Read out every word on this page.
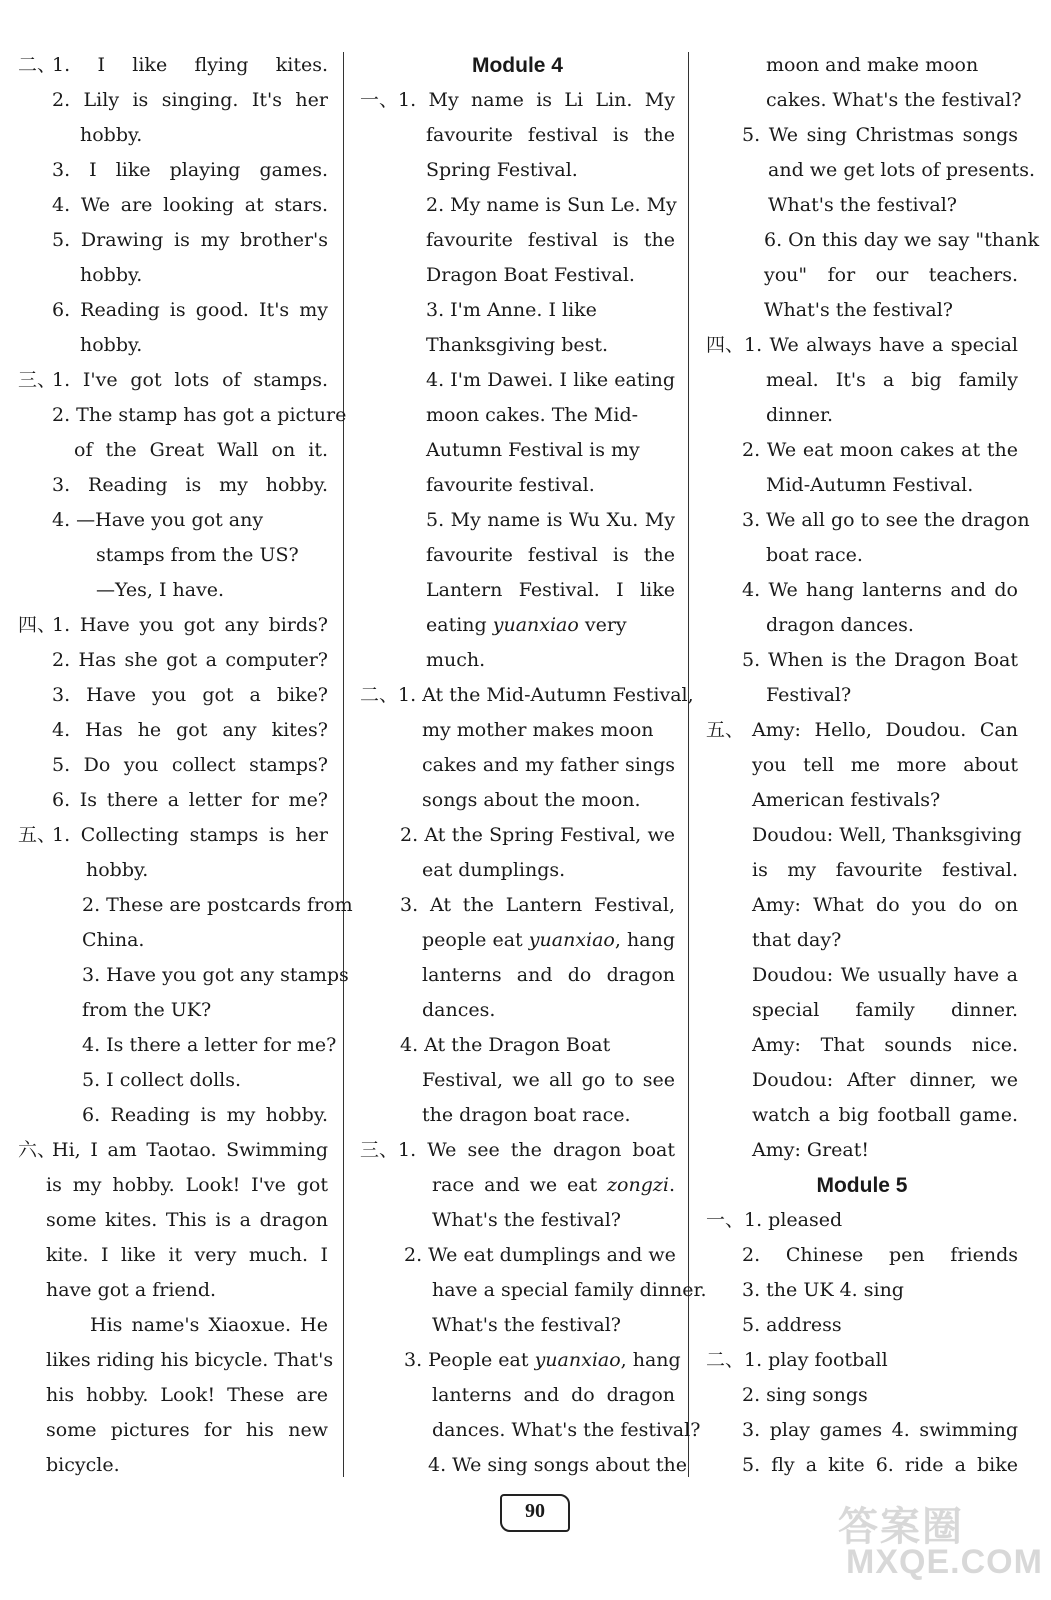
二、
1. I like flying kites.
2. Lily is singing. It's her
hobby.
3. I like playing games.
4. We are looking at stars.
5. Drawing is my brother's
hobby.
6. Reading is good. It's my
hobby.
三、
1. I've got lots of stamps.
2. The stamp has got a picture
of the Great Wall on it.
3. Reading is my hobby.
4. —Have you got any
stamps from the US?
—Yes, I have.
四、
1. Have you got any birds?
2. Has she got a computer?
3. Have you got a bike?
4. Has he got any kites?
5. Do you collect stamps?
6. Is there a letter for me?
五、
1. Collecting stamps is her
hobby.
2. These are postcards from
China.
3. Have you got any stamps
from the UK?
4. Is there a letter for me?
5. I collect dolls.
6. Reading is my hobby.
六、
Hi, I am Taotao. Swimming
is my hobby. Look! I've got
some kites. This is a dragon
kite. I like it very much. I
have got a friend.
His name's Xiaoxue. He
likes riding his bicycle. That's
his hobby. Look! These are
some pictures for his new
bicycle.
Module 4
一、 1. My name is Li Lin. My
favourite festival is the
Spring Festival.
2. My name is Sun Le. My
favourite festival is the
Dragon Boat Festival.
3. I'm Anne. I like
Thanksgiving best.
4. I'm Dawei. I like eating
moon cakes. The Mid-
Autumn Festival is my
favourite festival.
5. My name is Wu Xu. My
favourite festival is the
Lantern Festival. I like
eating yuanxiao very
much.
二、 1. At the Mid-Autumn Festival,
my mother makes moon
cakes and my father sings
songs about the moon.
2. At the Spring Festival, we
eat dumplings.
3. At the Lantern Festival,
people eat yuanxiao, hang
lanterns and do dragon
dances.
4. At the Dragon Boat
Festival, we all go to see
the dragon boat race.
三、 1. We see the dragon boat
race and we eat zongzi.
What's the festival?
2. We eat dumplings and we
have a special family dinner.
What's the festival?
3. People eat yuanxiao, hang
lanterns and do dragon
dances. What's the festival?
4. We sing songs about the
moon and make moon
cakes. What's the festival?
5. We sing Christmas songs
and we get lots of presents.
What's the festival?
6. On this day we say "thank
you" for our teachers.
What's the festival?
四、 1. We always have a special
meal. It's a big family
dinner.
2. We eat moon cakes at the
Mid-Autumn Festival.
3. We all go to see the dragon
boat race.
4. We hang lanterns and do
dragon dances.
5. When is the Dragon Boat
Festival?
五、 Amy: Hello, Doudou. Can
you tell me more about
American festivals?
Doudou: Well, Thanksgiving
is my favourite festival.
Amy: What do you do on
that day?
Doudou: We usually have a
special family dinner.
Amy: That sounds nice.
Doudou: After dinner, we
watch a big football game.
Amy: Great!
Module 5
一、 1. pleased
2. Chinese pen friends
3. the UK 4. sing
5. address
二、 1. play football
2. sing songs
3. play games 4. swimming
5. fly a kite 6. ride a bike
90	答案圈
MXQE.COM
